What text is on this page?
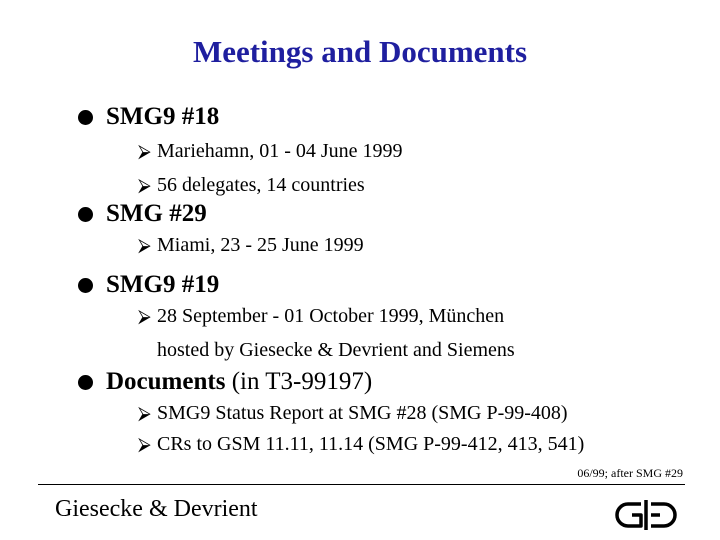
Meetings and Documents
SMG9 #18
⮚ Mariehamn, 01 - 04 June 1999
⮚ 56 delegates, 14 countries
SMG #29
⮚ Miami, 23 - 25 June 1999
SMG9 #19
⮚ 28 September - 01 October 1999, München
hosted by Giesecke & Devrient and Siemens
Documents (in T3-99197)
⮚ SMG9 Status Report at SMG #28 (SMG P-99-408)
⮚ CRs to GSM 11.11, 11.14 (SMG P-99-412, 413, 541)
06/99; after SMG #29
Giesecke & Devrient
